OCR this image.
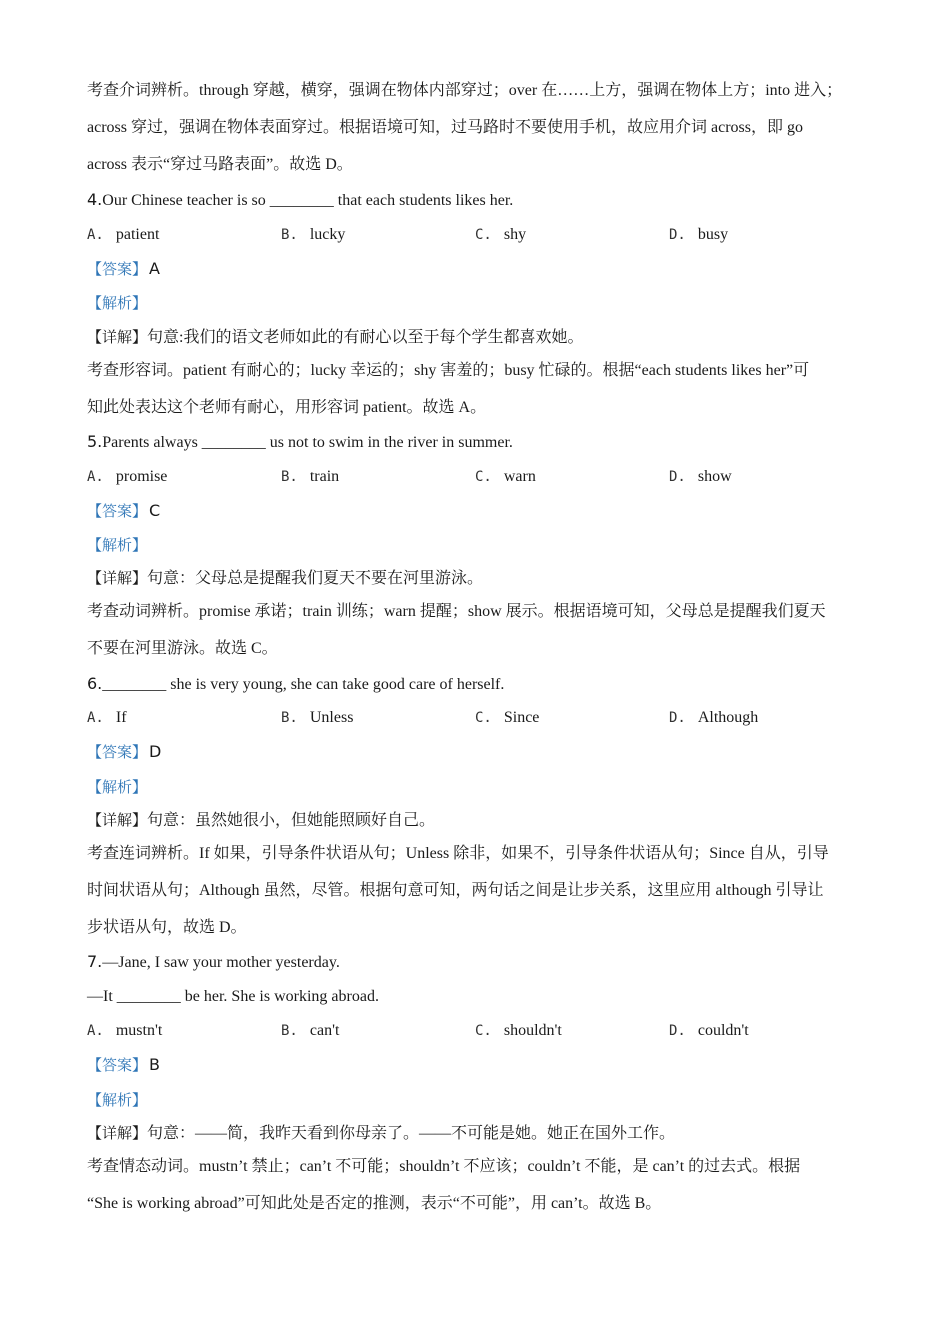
考查介词辨析。through 穿越，横穿，强调在物体内部穿过；over 在……上方，强调在物体上方；into 进入；
across 穿过，强调在物体表面穿过。根据语境可知，过马路时不要使用手机，故应用介词 across，即 go
across 表示“穿过马路表面”。故选 D。
4.Our Chinese teacher is so ________ that each students likes her.
A. patient	B. lucky	C. shy	D. busy
【答案】 A
【解析】
【详解】句意:我们的语文老师如此的有耐心以至于每个学生都喜欢她。
考查形容词。patient 有耐心的；lucky 幸运的；shy 害羞的；busy 忙碌的。根据“each students likes her”可
知此处表达这个老师有耐心，用形容词 patient。故选 A。
5.Parents always ________ us not to swim in the river in summer.
A. promise	B. train	C. warn	D. show
【答案】 C
【解析】
【详解】句意：父母总是提醒我们夏天不要在河里游泳。
考查动词辨析。promise 承诺；train 训练；warn 提醒；show 展示。根据语境可知，父母总是提醒我们夏天
不要在河里游泳。故选 C。
6.________ she is very young, she can take good care of herself.
A. If	B. Unless	C. Since	D. Although
【答案】 D
【解析】
【详解】句意：虽然她很小，但她能照顾好自己。
考查连词辨析。If 如果，引导条件状语从句；Unless 除非，如果不，引导条件状语从句；Since 自从，引导
时间状语从句；Although 虽然，尽管。根据句意可知，两句话之间是让步关系，这里应用 although 引导让
步状语从句，故选 D。
7.—Jane, I saw your mother yesterday.
—It ________ be her. She is working abroad.
A. mustn't	B. can't	C. shouldn't	D. couldn't
【答案】 B
【解析】
【详解】句意：——简，我昨天看到你母亲了。——不可能是她。她正在国外工作。
考查情态动词。mustn’t 禁止；can’t 不可能；shouldn’t 不应该；couldn’t 不能，是 can’t 的过去式。根据
“She is working abroad”可知此处是否定的推测，表示“不可能”，用 can’t。故选 B。
